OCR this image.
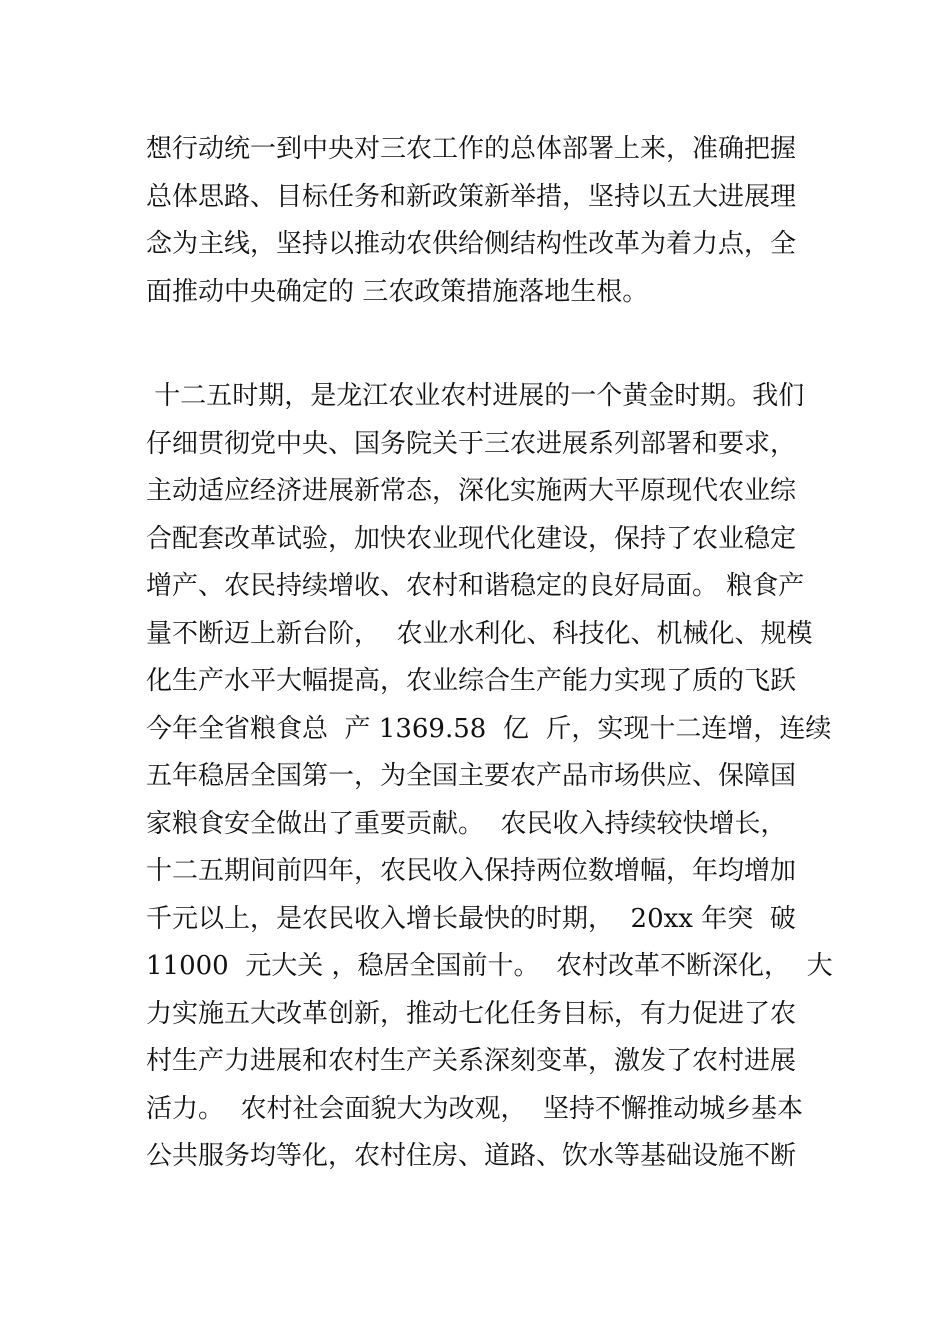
想行动统一到中央对三农工作的总体部署上来，准确把握
总体思路、目标任务和新政策新举措，坚持以五大进展理
念为主线，坚持以推动农供给侧结构性改革为着力点，全
面推动中央确定的 三农政策措施落地生根。
十二五时期，是龙江农业农村进展的一个黄金时期。我们
仔细贯彻党中央、国务院关于三农进展系列部署和要求，
主动适应经济进展新常态，深化实施两大平原现代农业综
合配套改革试验，加快农业现代化建设，保持了农业稳定
增产、农民持续增收、农村和谐稳定的良好局面。 粮食产
量不断迈上新台阶，  农业水利化、科技化、机械化、规模
化生产水平大幅提高，农业综合生产能力实现了质的飞跃
今年全省粮食总  产 1369.58  亿  斤，实现十二连增，连续
五年稳居全国第一，为全国主要农产品市场供应、保障国
家粮食安全做出了重要贡献。  农民收入持续较快增长，
十二五期间前四年，农民收入保持两位数增幅，年均增加
千元以上，是农民收入增长最快的时期，  20xx 年突  破
11000  元大关 ，稳居全国前十。  农村改革不断深化，  大
力实施五大改革创新，推动七化任务目标，有力促进了农
村生产力进展和农村生产关系深刻变革，激发了农村进展
活力。  农村社会面貌大为改观，  坚持不懈推动城乡基本
公共服务均等化，农村住房、道路、饮水等基础设施不断
